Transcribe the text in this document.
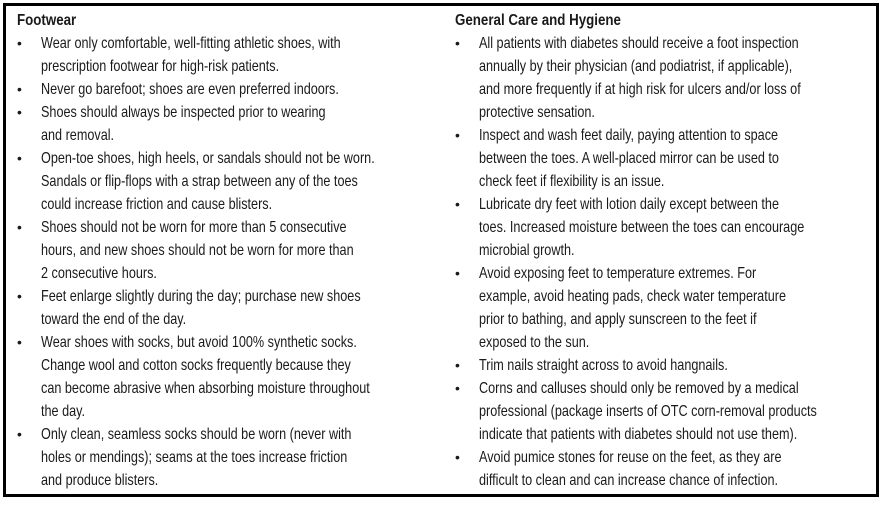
Footwear
•	Wear only comfortable, well-fitting athletic shoes, with
prescription footwear for high-risk patients.
•	Never go barefoot; shoes are even preferred indoors.
•	Shoes should always be inspected prior to wearing
and removal.
•	Open-toe shoes, high heels, or sandals should not be worn.
Sandals or flip-flops with a strap between any of the toes
could increase friction and cause blisters.
•	Shoes should not be worn for more than 5 consecutive
hours, and new shoes should not be worn for more than
2 consecutive hours.
•	Feet enlarge slightly during the day; purchase new shoes
toward the end of the day.
•	Wear shoes with socks, but avoid 100% synthetic socks.
Change wool and cotton socks frequently because they
can become abrasive when absorbing moisture throughout
the day.
•	Only clean, seamless socks should be worn (never with
holes or mendings); seams at the toes increase friction
and produce blisters.
General Care and Hygiene
•	All patients with diabetes should receive a foot inspection
annually by their physician (and podiatrist, if applicable),
and more frequently if at high risk for ulcers and/or loss of
protective sensation.
•	Inspect and wash feet daily, paying attention to space
between the toes. A well-placed mirror can be used to
check feet if flexibility is an issue.
•	Lubricate dry feet with lotion daily except between the
toes. Increased moisture between the toes can encourage
microbial growth.
•	Avoid exposing feet to temperature extremes. For
example, avoid heating pads, check water temperature
prior to bathing, and apply sunscreen to the feet if
exposed to the sun.
•	Trim nails straight across to avoid hangnails.
•	Corns and calluses should only be removed by a medical
professional (package inserts of OTC corn-removal products
indicate that patients with diabetes should not use them).
•	Avoid pumice stones for reuse on the feet, as they are
difficult to clean and can increase chance of infection.
